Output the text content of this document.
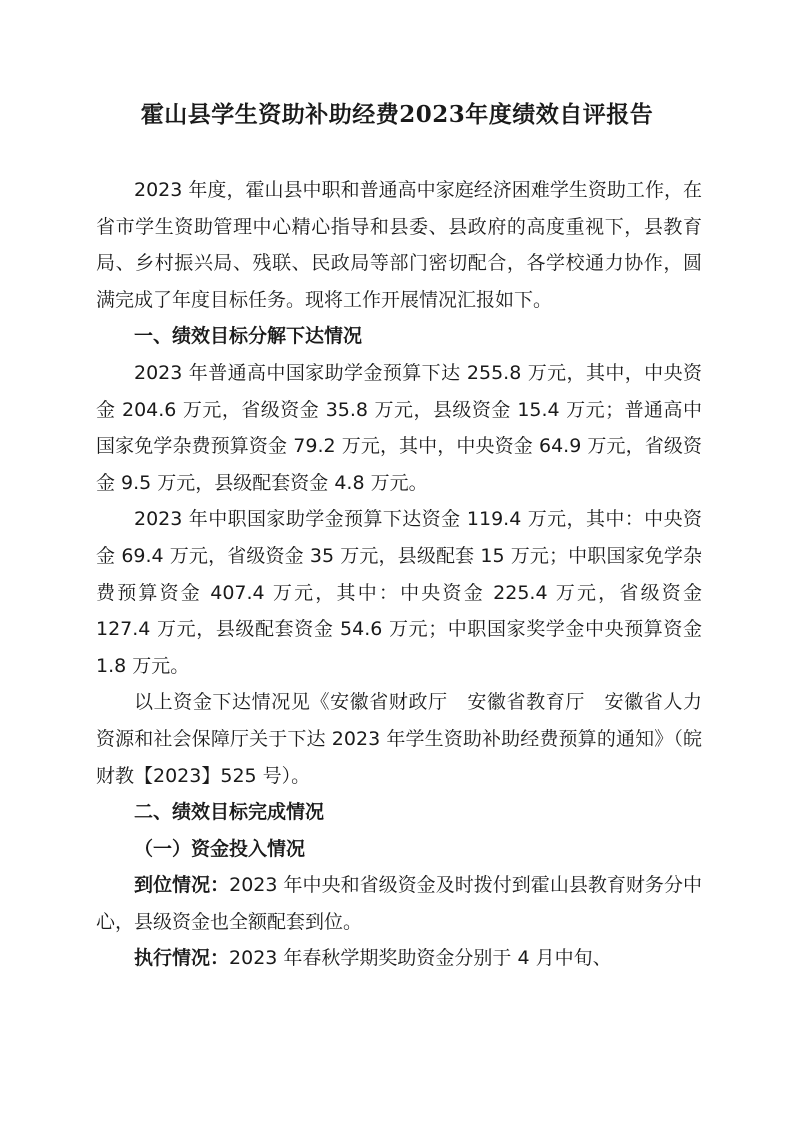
霍山县学生资助补助经费2023年度绩效自评报告

2023 年度，霍山县中职和普通高中家庭经济困难学生资助工作，在省市学生资助管理中心精心指导和县委、县政府的高度重视下，县教育局、乡村振兴局、残联、民政局等部门密切配合，各学校通力协作，圆满完成了年度目标任务。现将工作开展情况汇报如下。

一、绩效目标分解下达情况

2023 年普通高中国家助学金预算下达 255.8 万元，其中，中央资金 204.6 万元，省级资金 35.8 万元，县级资金 15.4 万元；普通高中国家免学杂费预算资金 79.2 万元，其中，中央资金 64.9 万元，省级资金 9.5 万元，县级配套资金 4.8 万元。

2023 年中职国家助学金预算下达资金 119.4 万元，其中：中央资金 69.4 万元，省级资金 35 万元，县级配套 15 万元；中职国家免学杂费预算资金 407.4 万元，其中：中央资金 225.4 万元，省级资金 127.4 万元，县级配套资金 54.6 万元；中职国家奖学金中央预算资金 1.8 万元。

以上资金下达情况见《安徽省财政厅　安徽省教育厅　安徽省人力资源和社会保障厅关于下达 2023 年学生资助补助经费预算的通知》（皖财教【2023】525 号）。

二、绩效目标完成情况

（一）资金投入情况

到位情况：2023 年中央和省级资金及时拨付到霍山县教育财务分中心，县级资金也全额配套到位。

执行情况：2023 年春秋学期奖助资金分别于 4 月中旬、
